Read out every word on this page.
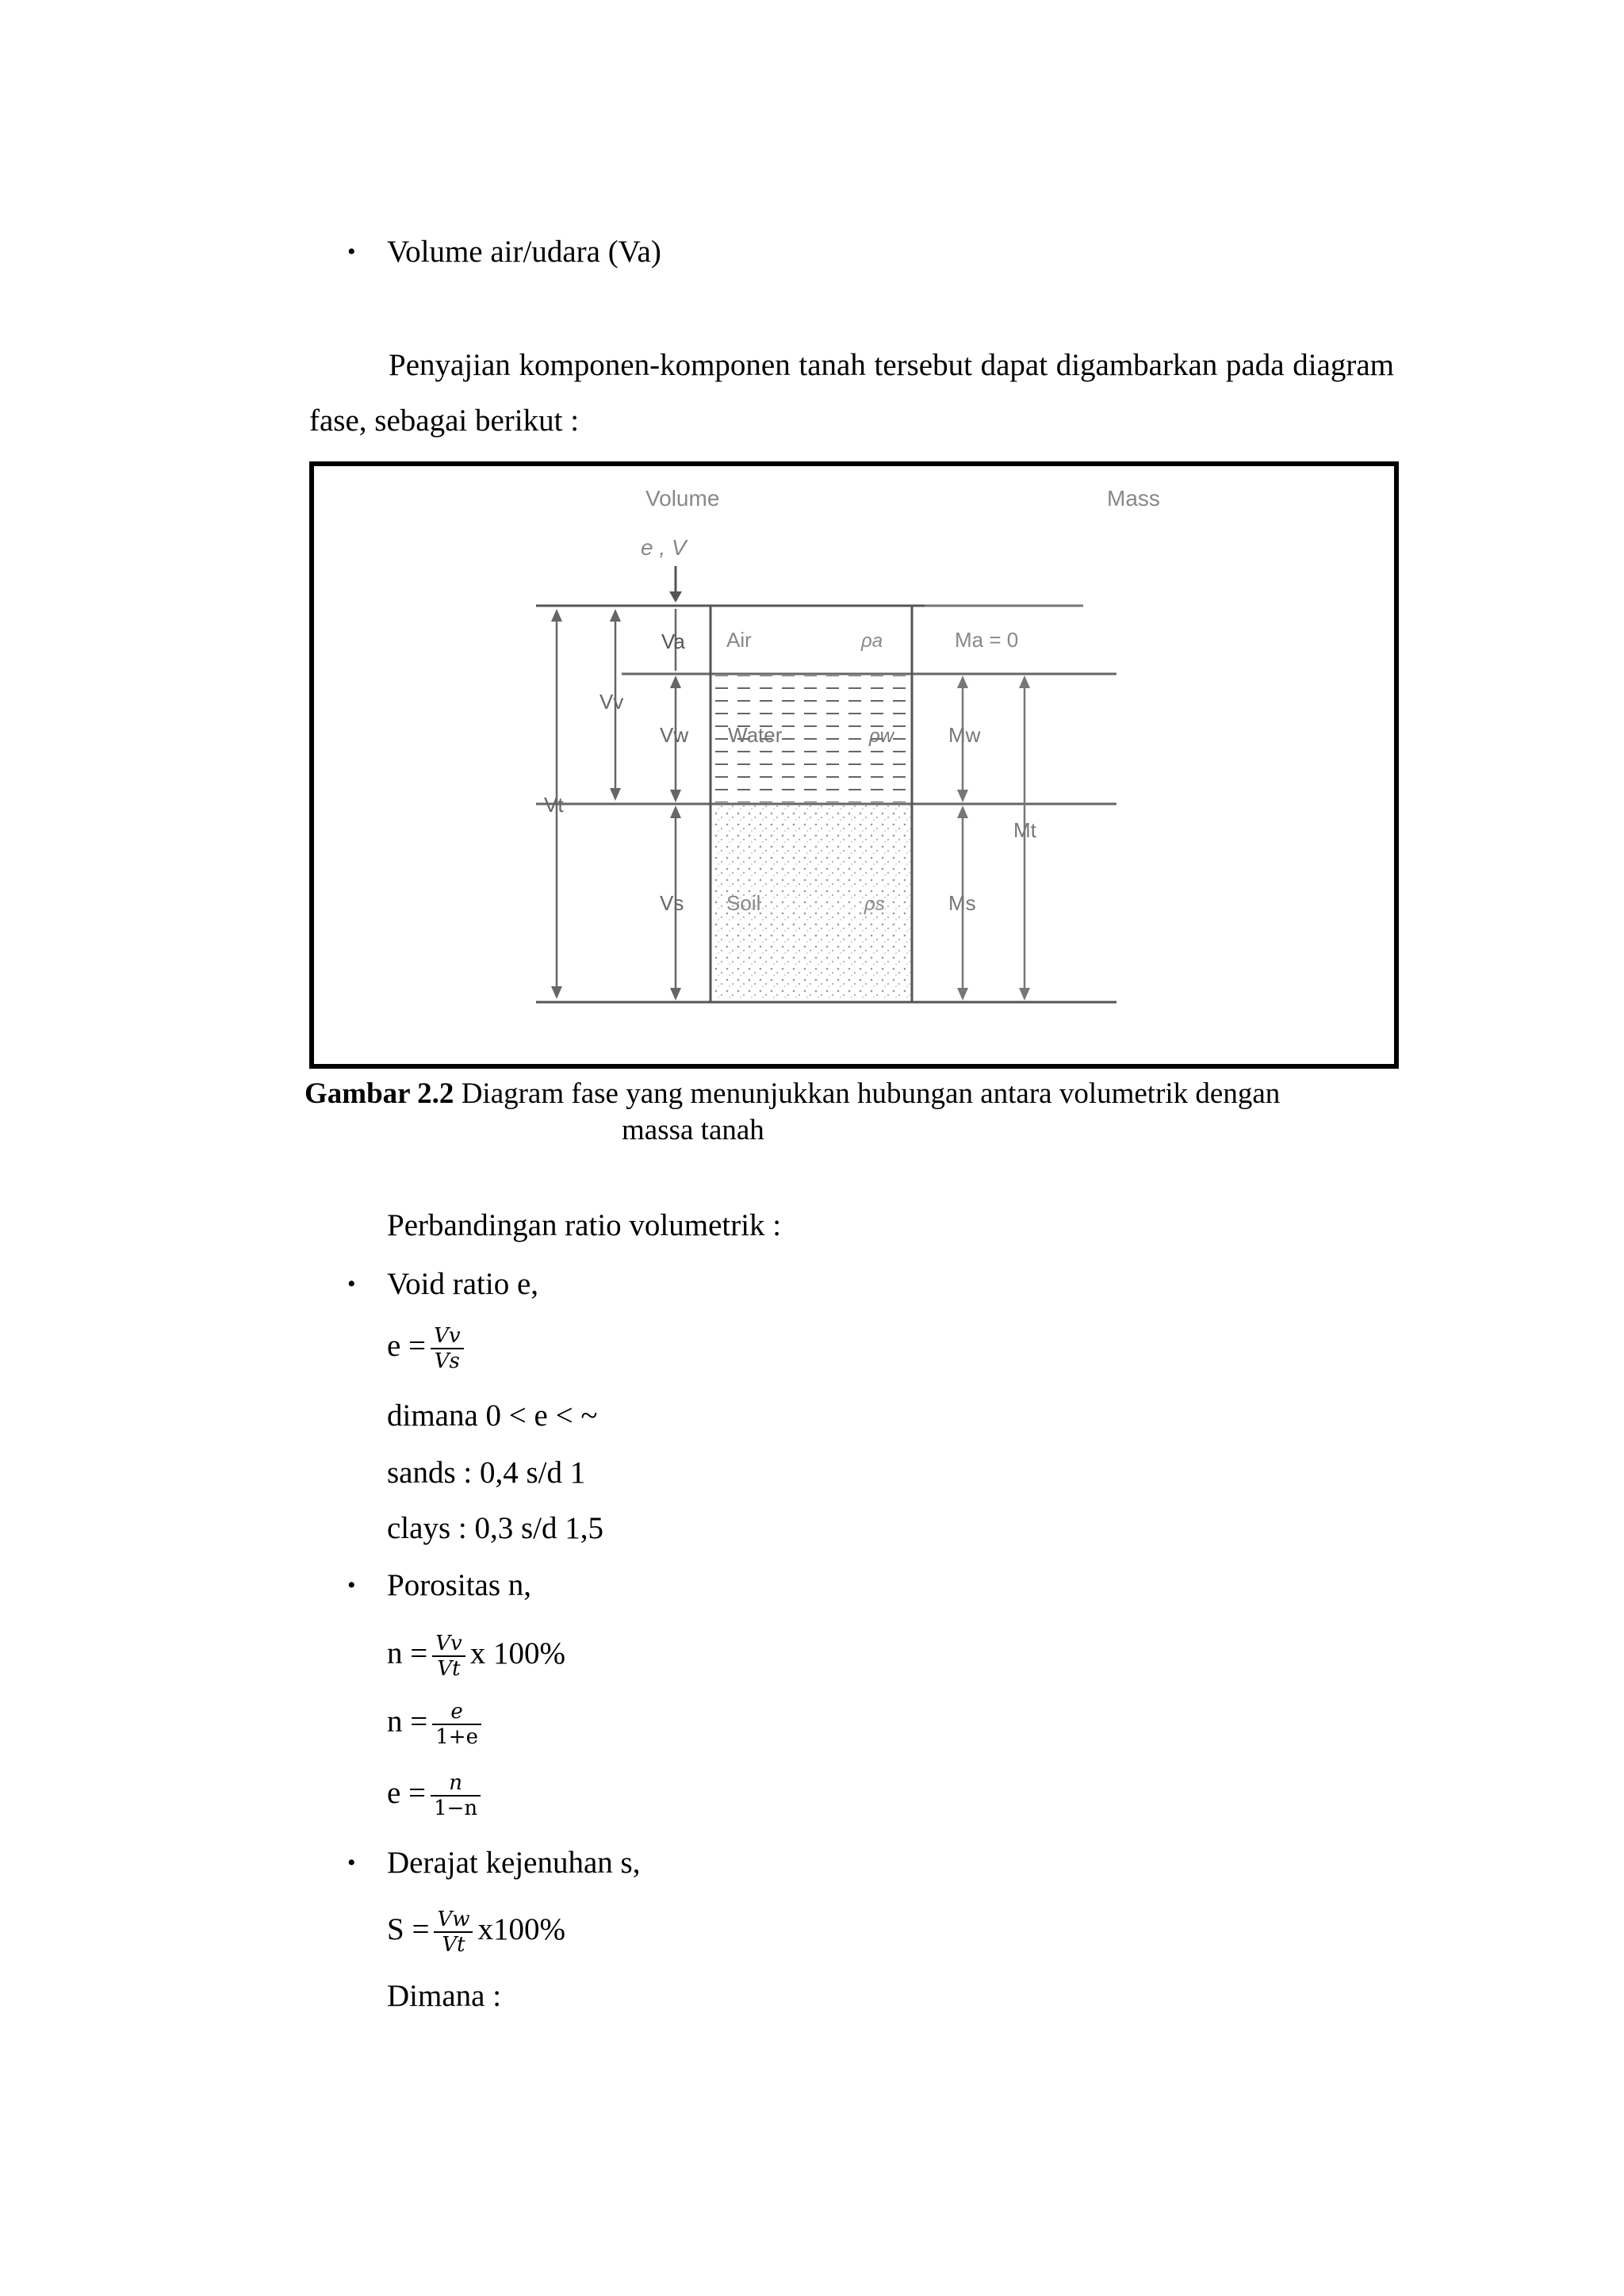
• Volume air/udara (Va)
Penyajian komponen-komponen tanah tersebut dapat digambarkan pada diagram fase, sebagai berikut :
Volume	Mass
e , V
Air	ρa
Water	ρw
Soil	ρs
Vt
Vv
Va
Vw
Vs
Ma = 0
Mw
Ms
Mt
Gambar 2.2 Diagram fase yang menunjukkan hubungan antara volumetrik dengan
massa tanah
Perbandingan ratio volumetrik :
• Void ratio e,
$e = \frac{Vv}{Vs}$
dimana 0 < e < ~
sands : 0,4 s/d 1
clays : 0,3 s/d 1,5
• Porositas n,
$n = \frac{Vv}{Vt}$ x 100%
$n = \frac{e}{1+e}$
$e = \frac{n}{1-n}$
• Derajat kejenuhan s,
$S = \frac{Vw}{Vt} x100\%$
Dimana :
